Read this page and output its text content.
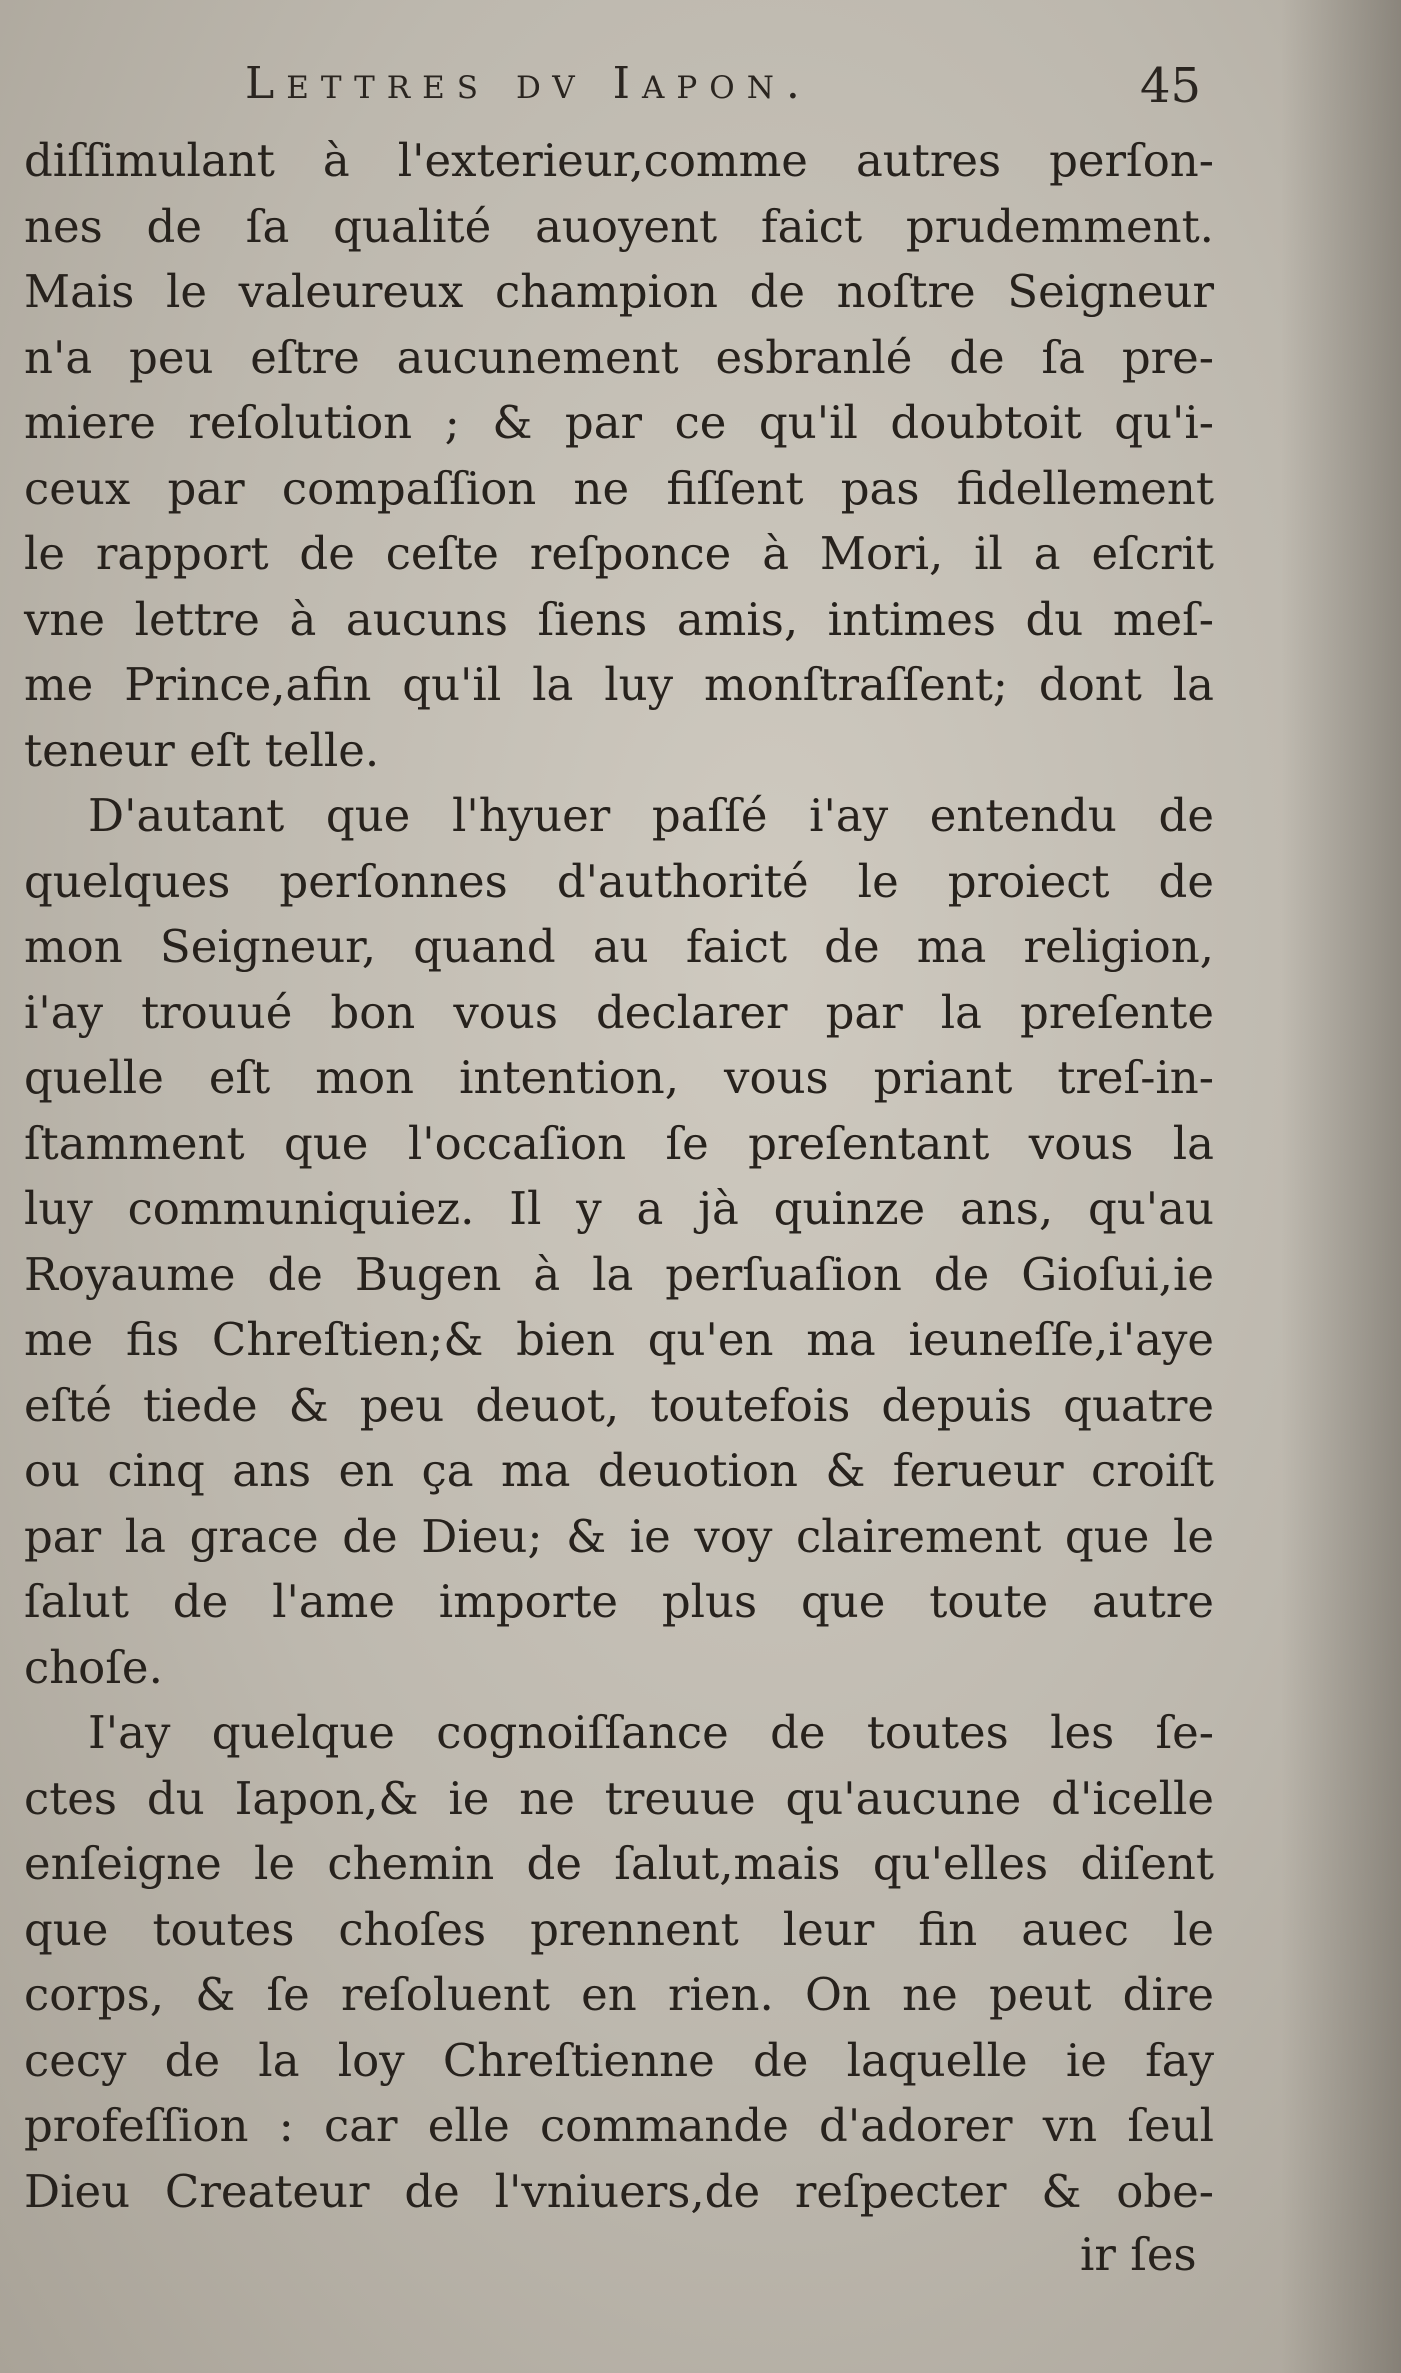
Lettres dv Iapon.	45
diſſimulant à l'exterieur,comme autres perſon-
nes de ſa qualité auoyent faict prudemment.
Mais le valeureux champion de noſtre Seigneur
n'a peu eſtre aucunement esbranlé de ſa pre-
miere reſolution ; & par ce qu'il doubtoit qu'i-
ceux par compaſſion ne fiſſent pas fidellement
le rapport de ceſte reſponce à Mori, il a eſcrit
vne lettre à aucuns ſiens amis, intimes du meſ-
me Prince,afin qu'il la luy monſtraſſent; dont la
teneur eſt telle.
D'autant que l'hyuer paſſé i'ay entendu de
quelques perſonnes d'authorité le proiect de
mon Seigneur, quand au faict de ma religion,
i'ay trouué bon vous declarer par la preſente
quelle eſt mon intention, vous priant treſ-in-
ſtamment que l'occaſion ſe preſentant vous la
luy communiquiez. Il y a jà quinze ans, qu'au
Royaume de Bugen à la perſuaſion de Gioſui,ie
me fis Chreſtien;& bien qu'en ma ieuneſſe,i'aye
eſté tiede & peu deuot, toutefois depuis quatre
ou cinq ans en ça ma deuotion & ferueur croiſt
par la grace de Dieu; & ie voy clairement que le
ſalut de l'ame importe plus que toute autre
choſe.
I'ay quelque cognoiſſance de toutes les ſe-
ctes du Iapon,& ie ne treuue qu'aucune d'icelle
enſeigne le chemin de ſalut,mais qu'elles diſent
que toutes choſes prennent leur fin auec le
corps, & ſe reſoluent en rien. On ne peut dire
cecy de la loy Chreſtienne de laquelle ie fay
profeſſion : car elle commande d'adorer vn ſeul
Dieu Createur de l'vniuers,de reſpecter & obe-
ir ſes
